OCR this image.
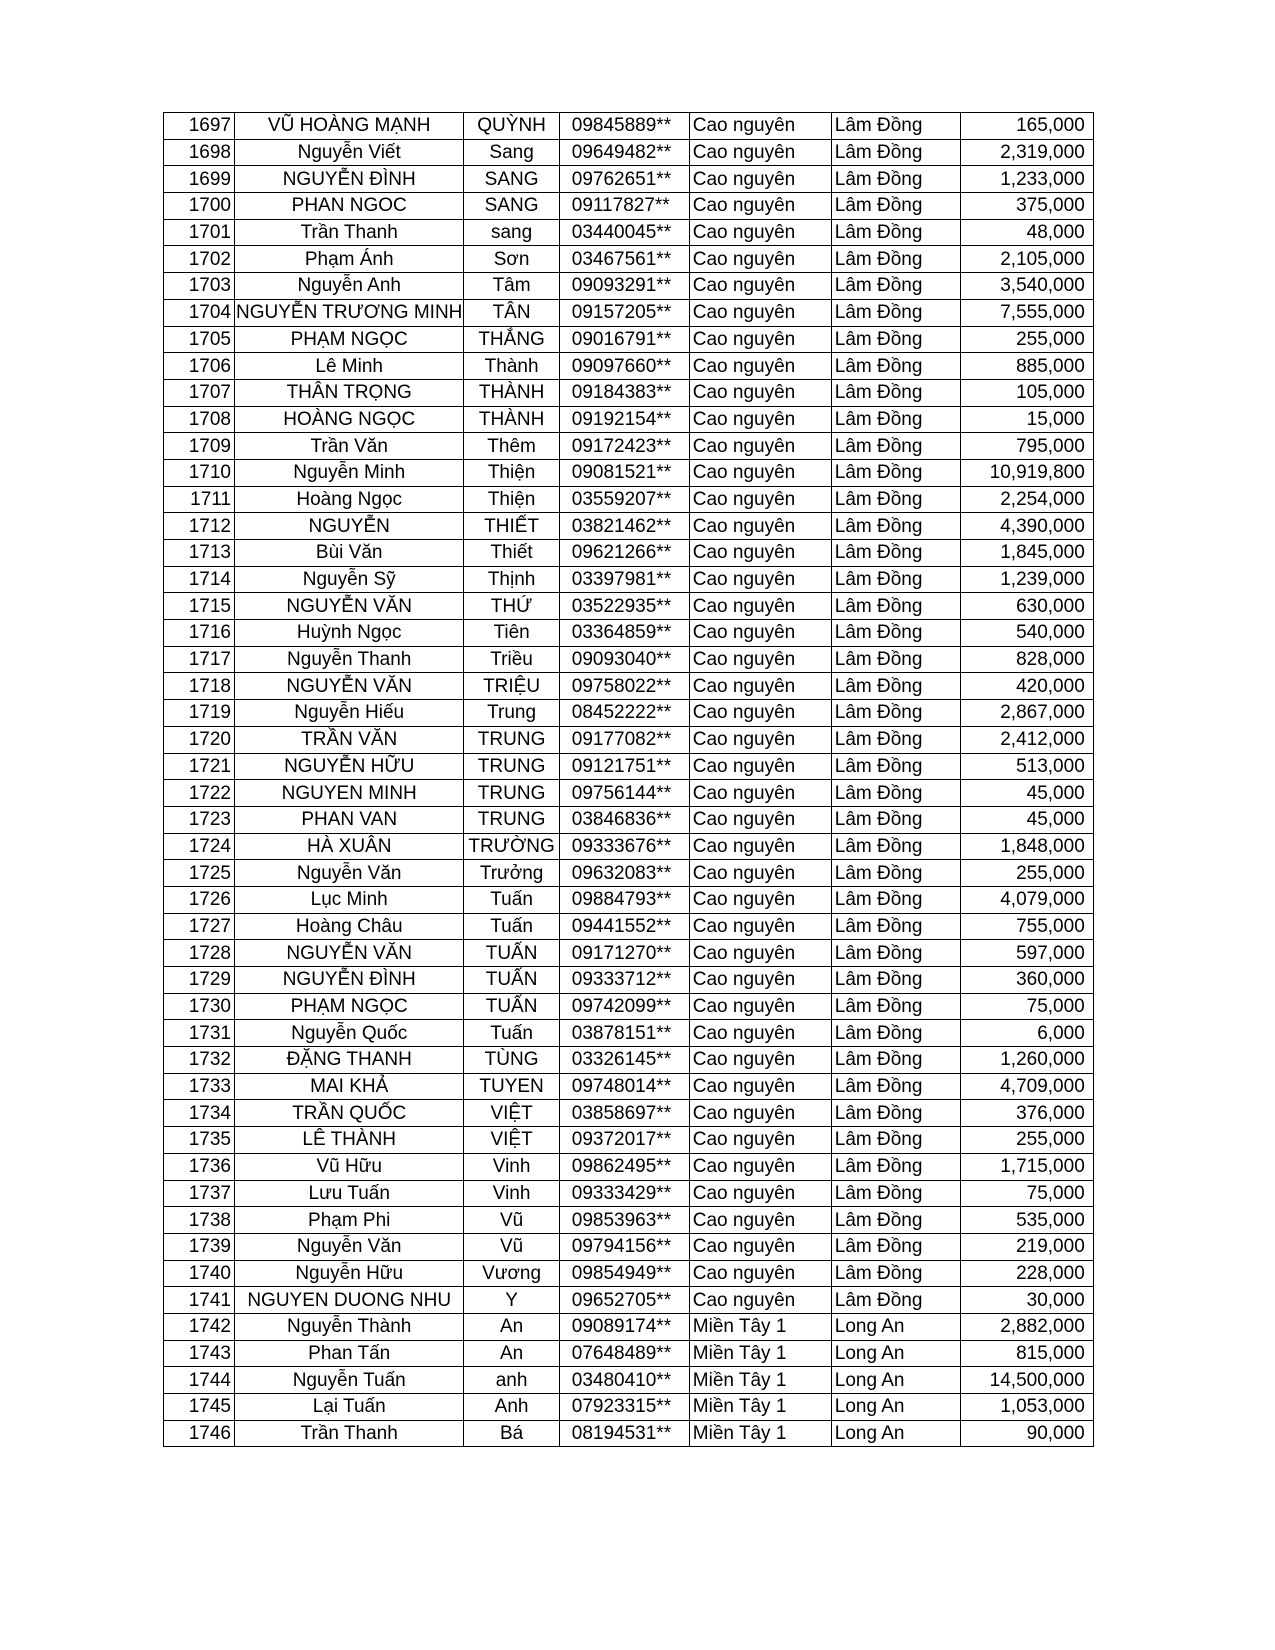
1697	VŨ HOÀNG MẠNH	QUỲNH	09845889**	Cao nguyên	Lâm Đồng	165,000
1698	Nguyễn Viết	Sang	09649482**	Cao nguyên	Lâm Đồng	2,319,000
1699	NGUYỄN ĐÌNH	SANG	09762651**	Cao nguyên	Lâm Đồng	1,233,000
1700	PHAN NGOC	SANG	09117827**	Cao nguyên	Lâm Đồng	375,000
1701	Trần Thanh	sang	03440045**	Cao nguyên	Lâm Đồng	48,000
1702	Phạm Ánh	Sơn	03467561**	Cao nguyên	Lâm Đồng	2,105,000
1703	Nguyễn Anh	Tâm	09093291**	Cao nguyên	Lâm Đồng	3,540,000
1704	NGUYỄN TRƯƠNG MINH	TÂN	09157205**	Cao nguyên	Lâm Đồng	7,555,000
1705	PHẠM NGỌC	THẮNG	09016791**	Cao nguyên	Lâm Đồng	255,000
1706	Lê Minh	Thành	09097660**	Cao nguyên	Lâm Đồng	885,000
1707	THÂN TRỌNG	THÀNH	09184383**	Cao nguyên	Lâm Đồng	105,000
1708	HOÀNG NGỌC	THÀNH	09192154**	Cao nguyên	Lâm Đồng	15,000
1709	Trần Văn	Thêm	09172423**	Cao nguyên	Lâm Đồng	795,000
1710	Nguyễn Minh	Thiện	09081521**	Cao nguyên	Lâm Đồng	10,919,800
1711	Hoàng Ngọc	Thiện	03559207**	Cao nguyên	Lâm Đồng	2,254,000
1712	NGUYỄN	THIẾT	03821462**	Cao nguyên	Lâm Đồng	4,390,000
1713	Bùi Văn	Thiết	09621266**	Cao nguyên	Lâm Đồng	1,845,000
1714	Nguyễn Sỹ	Thịnh	03397981**	Cao nguyên	Lâm Đồng	1,239,000
1715	NGUYỄN VĂN	THỨ	03522935**	Cao nguyên	Lâm Đồng	630,000
1716	Huỳnh Ngọc	Tiên	03364859**	Cao nguyên	Lâm Đồng	540,000
1717	Nguyễn Thanh	Triều	09093040**	Cao nguyên	Lâm Đồng	828,000
1718	NGUYỄN VĂN	TRIỆU	09758022**	Cao nguyên	Lâm Đồng	420,000
1719	Nguyễn Hiếu	Trung	08452222**	Cao nguyên	Lâm Đồng	2,867,000
1720	TRẦN VĂN	TRUNG	09177082**	Cao nguyên	Lâm Đồng	2,412,000
1721	NGUYỄN HỮU	TRUNG	09121751**	Cao nguyên	Lâm Đồng	513,000
1722	NGUYEN MINH	TRUNG	09756144**	Cao nguyên	Lâm Đồng	45,000
1723	PHAN VAN	TRUNG	03846836**	Cao nguyên	Lâm Đồng	45,000
1724	HÀ XUÂN	TRƯỜNG	09333676**	Cao nguyên	Lâm Đồng	1,848,000
1725	Nguyễn Văn	Trưởng	09632083**	Cao nguyên	Lâm Đồng	255,000
1726	Lục Minh	Tuấn	09884793**	Cao nguyên	Lâm Đồng	4,079,000
1727	Hoàng Châu	Tuấn	09441552**	Cao nguyên	Lâm Đồng	755,000
1728	NGUYỄN VĂN	TUẤN	09171270**	Cao nguyên	Lâm Đồng	597,000
1729	NGUYỄN ĐÌNH	TUẤN	09333712**	Cao nguyên	Lâm Đồng	360,000
1730	PHẠM NGỌC	TUẤN	09742099**	Cao nguyên	Lâm Đồng	75,000
1731	Nguyễn Quốc	Tuấn	03878151**	Cao nguyên	Lâm Đồng	6,000
1732	ĐẶNG THANH	TÙNG	03326145**	Cao nguyên	Lâm Đồng	1,260,000
1733	MAI KHẢ	TUYEN	09748014**	Cao nguyên	Lâm Đồng	4,709,000
1734	TRẦN QUỐC	VIỆT	03858697**	Cao nguyên	Lâm Đồng	376,000
1735	LÊ THÀNH	VIỆT	09372017**	Cao nguyên	Lâm Đồng	255,000
1736	Vũ Hữu	Vinh	09862495**	Cao nguyên	Lâm Đồng	1,715,000
1737	Lưu Tuấn	Vinh	09333429**	Cao nguyên	Lâm Đồng	75,000
1738	Phạm Phi	Vũ	09853963**	Cao nguyên	Lâm Đồng	535,000
1739	Nguyễn Văn	Vũ	09794156**	Cao nguyên	Lâm Đồng	219,000
1740	Nguyễn Hữu	Vương	09854949**	Cao nguyên	Lâm Đồng	228,000
1741	NGUYEN DUONG NHU	Y	09652705**	Cao nguyên	Lâm Đồng	30,000
1742	Nguyễn Thành	An	09089174**	Miền Tây 1	Long An	2,882,000
1743	Phan Tấn	An	07648489**	Miền Tây 1	Long An	815,000
1744	Nguyễn Tuấn	anh	03480410**	Miền Tây 1	Long An	14,500,000
1745	Lại Tuấn	Anh	07923315**	Miền Tây 1	Long An	1,053,000
1746	Trần Thanh	Bá	08194531**	Miền Tây 1	Long An	90,000
